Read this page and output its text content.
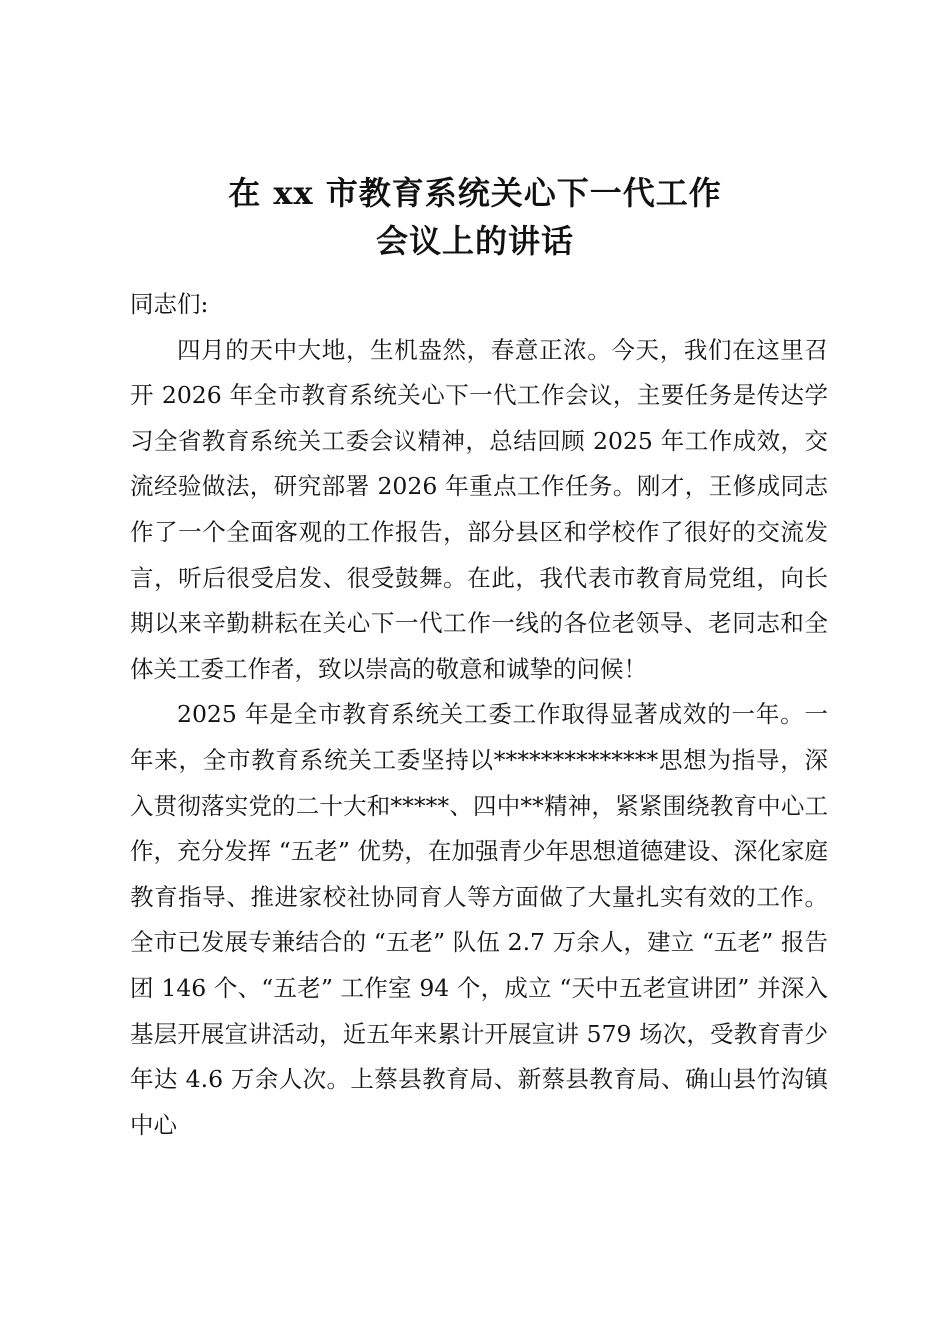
在 xx 市教育系统关心下一代工作
会议上的讲话

同志们:

四月的天中大地，生机盎然，春意正浓。今天，我们在这里召开 2026 年全市教育系统关心下一代工作会议，主要任务是传达学习全省教育系统关工委会议精神，总结回顾 2025 年工作成效，交流经验做法，研究部署 2026 年重点工作任务。刚才，王修成同志作了一个全面客观的工作报告，部分县区和学校作了很好的交流发言，听后很受启发、很受鼓舞。在此，我代表市教育局党组，向长期以来辛勤耕耘在关心下一代工作一线的各位老领导、老同志和全体关工委工作者，致以崇高的敬意和诚挚的问候！

2025 年是全市教育系统关工委工作取得显著成效的一年。一年来，全市教育系统关工委坚持以**************思想为指导，深入贯彻落实党的二十大和*****、四中**精神，紧紧围绕教育中心工作，充分发挥 “五老” 优势，在加强青少年思想道德建设、深化家庭教育指导、推进家校社协同育人等方面做了大量扎实有效的工作。全市已发展专兼结合的 “五老” 队伍 2.7 万余人，建立 “五老” 报告团 146 个、“五老” 工作室 94 个，成立 “天中五老宣讲团” 并深入基层开展宣讲活动，近五年来累计开展宣讲 579 场次，受教育青少年达 4.6 万余人次。上蔡县教育局、新蔡县教育局、确山县竹沟镇中心
